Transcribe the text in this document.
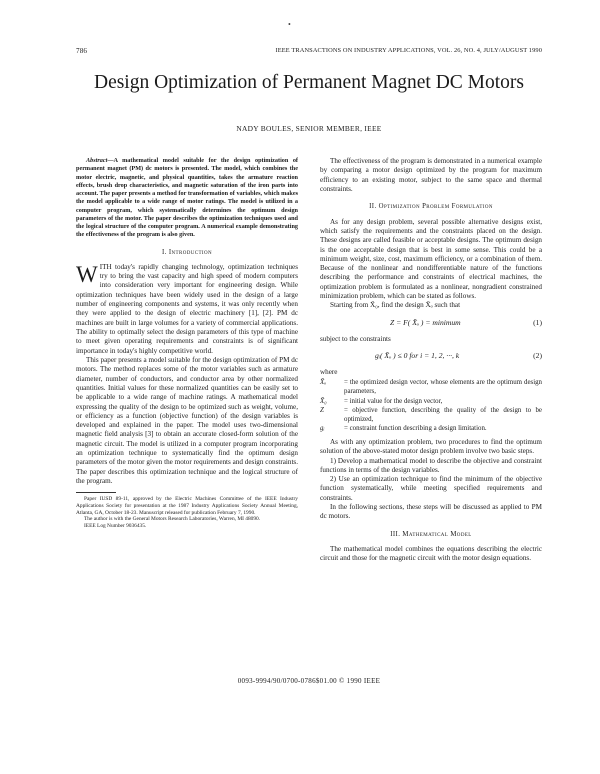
•
786	IEEE TRANSACTIONS ON INDUSTRY APPLICATIONS, VOL. 26, NO. 4, JULY/AUGUST 1990
Design Optimization of Permanent Magnet DC Motors
NADY BOULES, SENIOR MEMBER, IEEE

Abstract—A mathematical model suitable for the design optimization of permanent magnet (PM) dc motors is presented. The model, which combines the motor electric, magnetic, and physical quantities, takes the armature reaction effects, brush drop characteristics, and magnetic saturation of the iron parts into account. The paper presents a method for transformation of variables, which makes the model applicable to a wide range of motor ratings. The model is utilized in a computer program, which systematically determines the optimum design parameters of the motor. The paper describes the optimization techniques used and the logical structure of the computer program. A numerical example demonstrating the effectiveness of the program is also given.

I. Introduction

WITH today's rapidly changing technology, optimization techniques try to bring the vast capacity and high speed of modern computers into consideration very important for engineering design. While optimization techniques have been widely used in the design of a large number of engineering components and systems, it was only recently when they were applied to the design of electric machinery [1], [2]. PM dc machines are built in large volumes for a variety of commercial applications. The ability to optimally select the design parameters of this type of machine to meet given operating requirements and constraints is of significant importance in today's highly competitive world.

This paper presents a model suitable for the design optimization of PM dc motors. The method replaces some of the motor variables such as armature diameter, number of conductors, and conductor area by other normalized quantities. Initial values for these normalized quantities can be easily set to be applicable to a wide range of machine ratings. A mathematical model expressing the quality of the design to be optimized such as weight, volume, or efficiency as a function (objective function) of the design variables is developed and explained in the paper. The model uses two-dimensional magnetic field analysis [3] to obtain an accurate closed-form solution of the magnetic circuit. The model is utilized in a computer program incorporating an optimization technique to systematically find the optimum design parameters of the motor given the motor requirements and design constraints. The paper describes this optimization technique and the logical structure of the program.

Paper IUSD 89-11, approved by the Electric Machines Committee of the IEEE Industry Applications Society for presentation at the 1987 Industry Applications Society Annual Meeting, Atlanta, GA, October 18-23. Manuscript released for publication February 7, 1990.

The author is with the General Motors Research Laboratories, Warren, MI 48090.

IEEE Log Number 9036435.

The effectiveness of the program is demonstrated in a numerical example by comparing a motor design optimized by the program for maximum efficiency to an existing motor, subject to the same space and thermal constraints.

II. Optimization Problem Formulation

As for any design problem, several possible alternative designs exist, which satisfy the requirements and the constraints placed on the design. These designs are called feasible or acceptable designs. The optimum design is the one acceptable design that is best in some sense. This could be a minimum weight, size, cost, maximum efficiency, or a combination of them. Because of the nonlinear and nondifferentiable nature of the functions describing the performance and constraints of electrical machines, the optimization problem is formulated as a nonlinear, nongradient constrained minimization problem, which can be stated as follows.

Starting from X̄₀, find the design X̄ₒ such that

Z = F( X̄ₒ ) = minimum	(1)

subject to the constraints

gᵢ( X̄ₒ ) ≤ 0 for i = 1, 2, ···, k	(2)

where

X̄ₒ	= the optimized design vector, whose elements are the optimum design parameters,
X̄₀	= initial value for the design vector,
Z	= objective function, describing the quality of the design to be optimized,
gᵢ	= constraint function describing a design limitation.

As with any optimization problem, two procedures to find the optimum solution of the above-stated motor design problem involve two basic steps.

1) Develop a mathematical model to describe the objective and constraint functions in terms of the design variables.

2) Use an optimization technique to find the minimum of the objective function systematically, while meeting specified requirements and constraints.

In the following sections, these steps will be discussed as applied to PM dc motors.

III. Mathematical Model

The mathematical model combines the equations describing the electric circuit and those for the magnetic circuit with the motor design equations.

0093-9994/90/0700-0786$01.00 © 1990 IEEE
